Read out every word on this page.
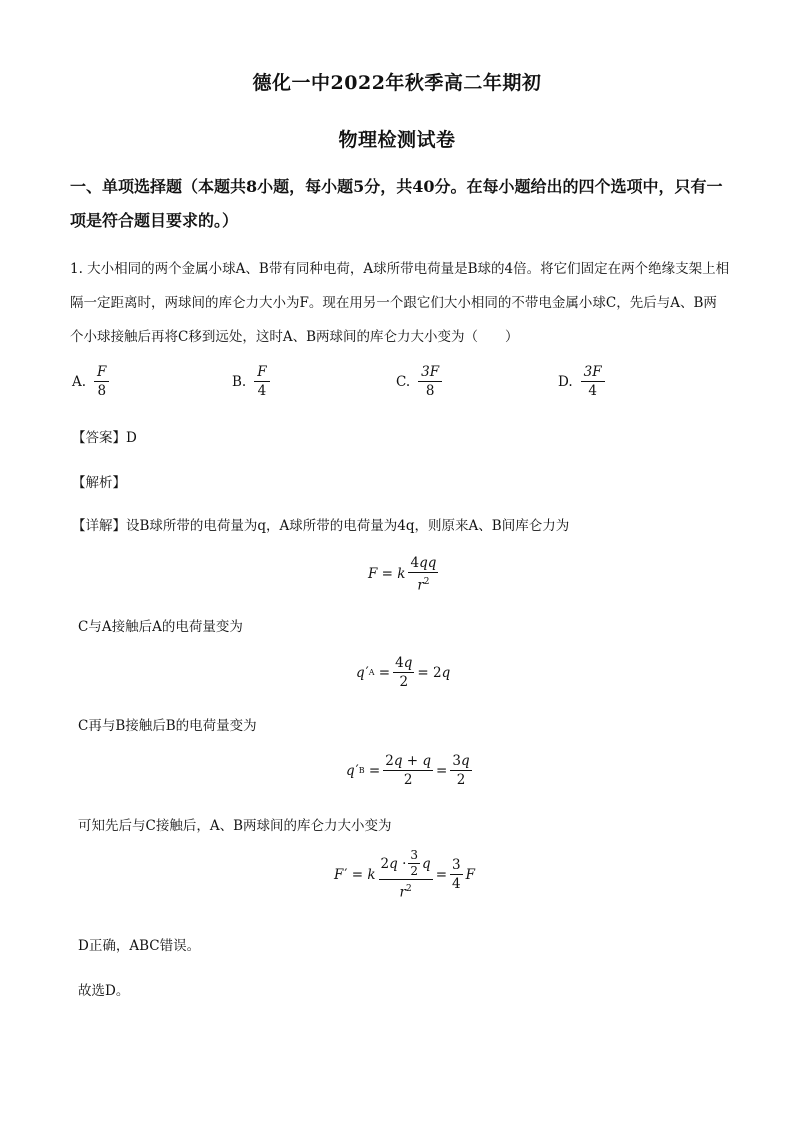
德化一中2022年秋季高二年期初
物理检测试卷
一、单项选择题（本题共8小题，每小题5分，共40分。在每小题给出的四个选项中，只有一项是符合题目要求的。）
1. 大小相同的两个金属小球A、B带有同种电荷，A球所带电荷量是B球的4倍。将它们固定在两个绝缘支架上相隔一定距离时，两球间的库仑力大小为F。现在用另一个跟它们大小相同的不带电金属小球C，先后与A、B两个小球接触后再将C移到远处，这时A、B两球间的库仑力大小变为（　　）
A. $\frac{F}{8}$	B. $\frac{F}{4}$	C. $\frac{3F}{8}$	D. $\frac{3F}{4}$
【答案】D
【解析】
【详解】设B球所带的电荷量为q，A球所带的电荷量为4q，则原来A、B间库仑力为
F = k
4qq
$r^2$
C与A接触后A的电荷量变为
q ′ A =
4q
2
= 2 q
C再与B接触后B的电荷量变为
q ′ B =
2q + q
2
=
3q
2
可知先后与C接触后，A、B两球间的库仑力大小变为
F ′ = k
2 q ·
3
2 q
$r^2$
=
3
4
F
D正确，ABC错误。
故选D。
